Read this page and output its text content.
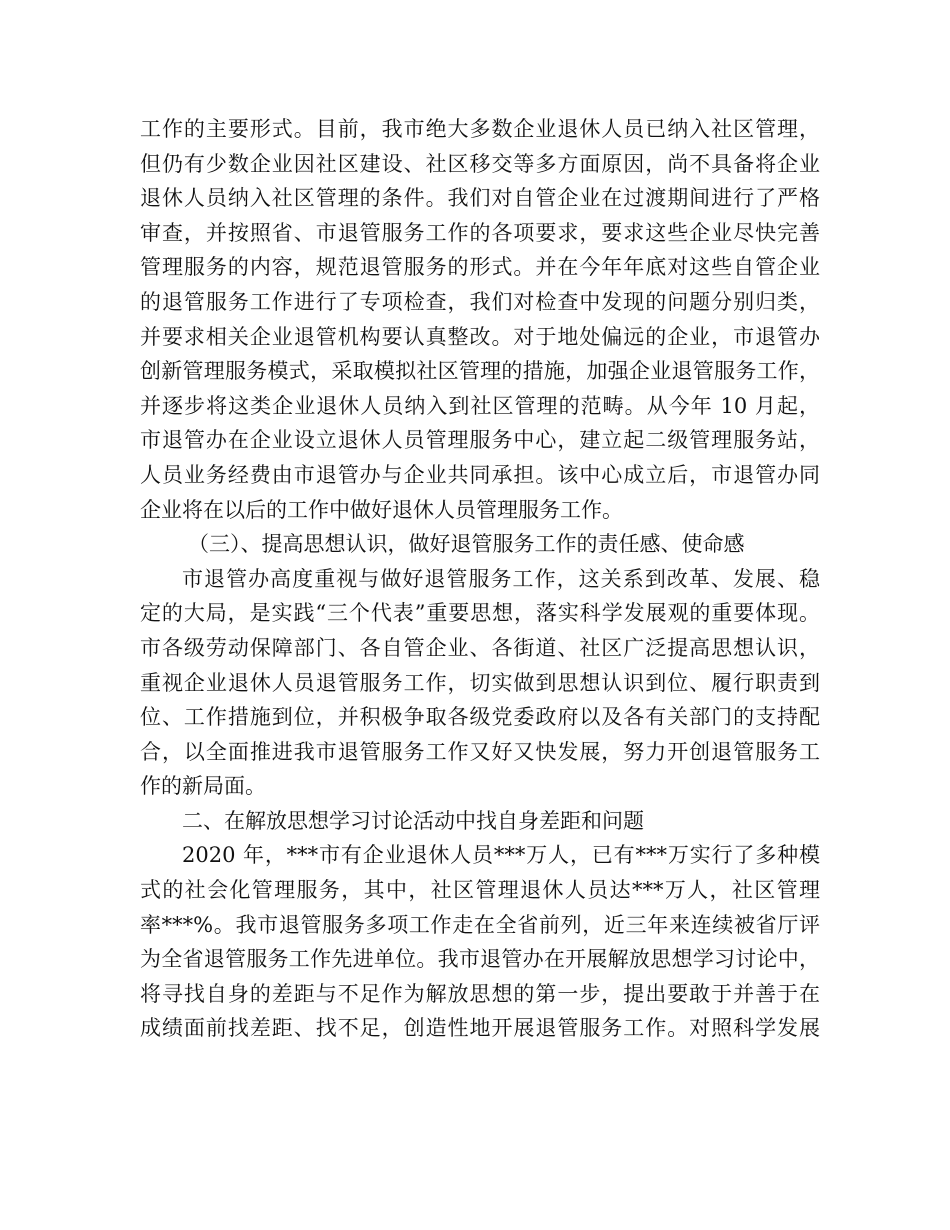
工作的主要形式。目前，我市绝大多数企业退休人员已纳入社区管理，
但仍有少数企业因社区建设、社区移交等多方面原因，尚不具备将企业
退休人员纳入社区管理的条件。我们对自管企业在过渡期间进行了严格
审查，并按照省、市退管服务工作的各项要求，要求这些企业尽快完善
管理服务的内容，规范退管服务的形式。并在今年年底对这些自管企业
的退管服务工作进行了专项检查，我们对检查中发现的问题分别归类，
并要求相关企业退管机构要认真整改。对于地处偏远的企业，市退管办
创新管理服务模式，采取模拟社区管理的措施，加强企业退管服务工作，
并逐步将这类企业退休人员纳入到社区管理的范畴。从今年 10 月起，
市退管办在企业设立退休人员管理服务中心，建立起二级管理服务站，
人员业务经费由市退管办与企业共同承担。该中心成立后，市退管办同
企业将在以后的工作中做好退休人员管理服务工作。
（三）、提高思想认识，做好退管服务工作的责任感、使命感
市退管办高度重视与做好退管服务工作，这关系到改革、发展、稳
定的大局，是实践“三个代表”重要思想，落实科学发展观的重要体现。
市各级劳动保障部门、各自管企业、各街道、社区广泛提高思想认识，
重视企业退休人员退管服务工作，切实做到思想认识到位、履行职责到
位、工作措施到位，并积极争取各级党委政府以及各有关部门的支持配
合，以全面推进我市退管服务工作又好又快发展，努力开创退管服务工
作的新局面。
二、在解放思想学习讨论活动中找自身差距和问题
2020 年，***市有企业退休人员***万人，已有***万实行了多种模
式的社会化管理服务，其中，社区管理退休人员达***万人，社区管理
率***%。我市退管服务多项工作走在全省前列，近三年来连续被省厅评
为全省退管服务工作先进单位。我市退管办在开展解放思想学习讨论中，
将寻找自身的差距与不足作为解放思想的第一步，提出要敢于并善于在
成绩面前找差距、找不足，创造性地开展退管服务工作。对照科学发展
